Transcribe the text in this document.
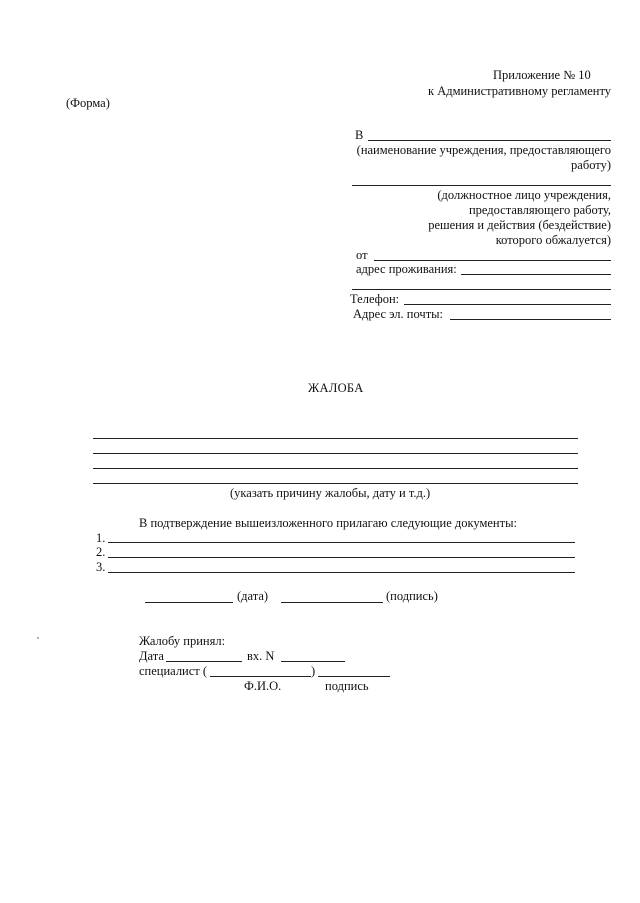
Приложение № 10
к Административному регламенту
(Форма)
В
(наименование учреждения, предоставляющего
работу)
(должностное лицо учреждения,
предоставляющего работу,
решения и действия (бездействие)
которого обжалуется)
от
адрес проживания:
Телефон:
Адрес эл. почты:
ЖАЛОБА
(указать причину жалобы, дату и т.д.)
В подтверждение вышеизложенного прилагаю следующие документы:
1.
2.
3.
(дата)	(подпись)
Жалобу принял:
Дата	вх. N
специалист (	)
Ф.И.О.	подпись
